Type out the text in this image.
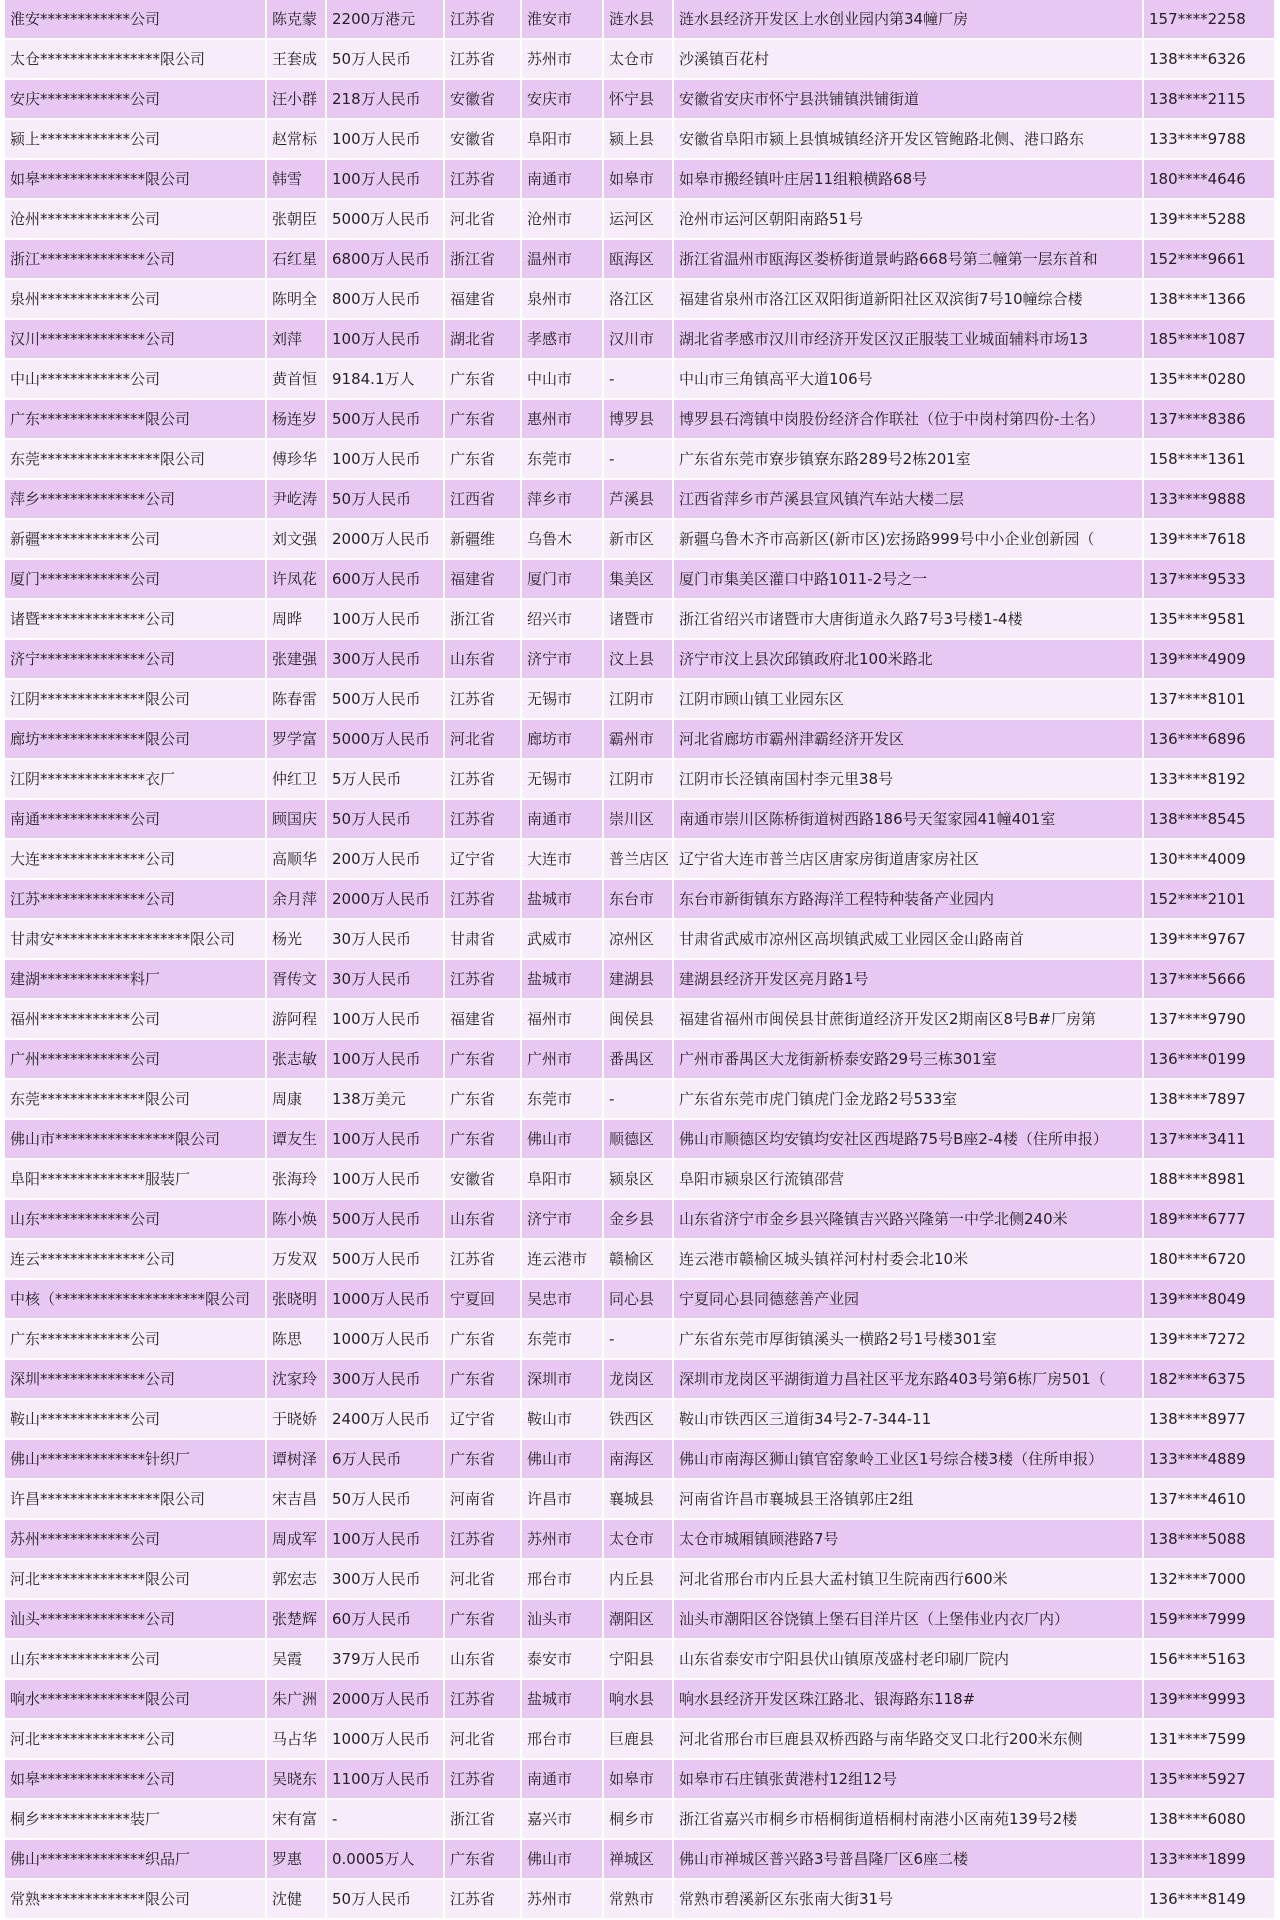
淮安************公司	陈克蒙	2200万港元	江苏省	淮安市	涟水县	涟水县经济开发区上水创业园内第34幢厂房	157****2258
太仓****************限公司	王套成	50万人民币	江苏省	苏州市	太仓市	沙溪镇百花村	138****6326
安庆************公司	汪小群	218万人民币	安徽省	安庆市	怀宁县	安徽省安庆市怀宁县洪铺镇洪铺街道	138****2115
颍上************公司	赵常标	100万人民币	安徽省	阜阳市	颍上县	安徽省阜阳市颍上县慎城镇经济开发区管鲍路北侧、港口路东	133****9788
如皋**************限公司	韩雪	100万人民币	江苏省	南通市	如皋市	如皋市搬经镇叶庄居11组粮横路68号	180****4646
沧州************公司	张朝臣	5000万人民币	河北省	沧州市	运河区	沧州市运河区朝阳南路51号	139****5288
浙江**************公司	石红星	6800万人民币	浙江省	温州市	瓯海区	浙江省温州市瓯海区娄桥街道景屿路668号第二幢第一层东首和	152****9661
泉州************公司	陈明全	800万人民币	福建省	泉州市	洛江区	福建省泉州市洛江区双阳街道新阳社区双滨街7号10幢综合楼	138****1366
汉川**************公司	刘萍	100万人民币	湖北省	孝感市	汉川市	湖北省孝感市汉川市经济开发区汉正服装工业城面辅料市场13	185****1087
中山************公司	黄首恒	9184.1万人	广东省	中山市	-	中山市三角镇高平大道106号	135****0280
广东**************限公司	杨连岁	500万人民币	广东省	惠州市	博罗县	博罗县石湾镇中岗股份经济合作联社（位于中岗村第四份-土名）	137****8386
东莞****************限公司	傅珍华	100万人民币	广东省	东莞市	-	广东省东莞市寮步镇寮东路289号2栋201室	158****1361
萍乡**************公司	尹屹涛	50万人民币	江西省	萍乡市	芦溪县	江西省萍乡市芦溪县宣风镇汽车站大楼二层	133****9888
新疆************公司	刘文强	2000万人民币	新疆维	乌鲁木	新市区	新疆乌鲁木齐市高新区(新市区)宏扬路999号中小企业创新园（	139****7618
厦门************公司	许凤花	600万人民币	福建省	厦门市	集美区	厦门市集美区灌口中路1011-2号之一	137****9533
诸暨**************公司	周晔	100万人民币	浙江省	绍兴市	诸暨市	浙江省绍兴市诸暨市大唐街道永久路7号3号楼1-4楼	135****9581
济宁**************公司	张建强	300万人民币	山东省	济宁市	汶上县	济宁市汶上县次邱镇政府北100米路北	139****4909
江阴**************限公司	陈春雷	500万人民币	江苏省	无锡市	江阴市	江阴市顾山镇工业园东区	137****8101
廊坊**************限公司	罗学富	5000万人民币	河北省	廊坊市	霸州市	河北省廊坊市霸州津霸经济开发区	136****6896
江阴**************衣厂	仲红卫	5万人民币	江苏省	无锡市	江阴市	江阴市长泾镇南国村李元里38号	133****8192
南通************公司	顾国庆	50万人民币	江苏省	南通市	崇川区	南通市崇川区陈桥街道树西路186号天玺家园41幢401室	138****8545
大连**************公司	高顺华	200万人民币	辽宁省	大连市	普兰店区	辽宁省大连市普兰店区唐家房街道唐家房社区	130****4009
江苏**************公司	余月萍	2000万人民币	江苏省	盐城市	东台市	东台市新街镇东方路海洋工程特种装备产业园内	152****2101
甘肃安******************限公司	杨光	30万人民币	甘肃省	武威市	凉州区	甘肃省武威市凉州区高坝镇武威工业园区金山路南首	139****9767
建湖************料厂	胥传文	30万人民币	江苏省	盐城市	建湖县	建湖县经济开发区亮月路1号	137****5666
福州************公司	游阿程	100万人民币	福建省	福州市	闽侯县	福建省福州市闽侯县甘蔗街道经济开发区2期南区8号B#厂房第	137****9790
广州************公司	张志敏	100万人民币	广东省	广州市	番禺区	广州市番禺区大龙街新桥泰安路29号三栋301室	136****0199
东莞**************限公司	周康	138万美元	广东省	东莞市	-	广东省东莞市虎门镇虎门金龙路2号533室	138****7897
佛山市****************限公司	谭友生	100万人民币	广东省	佛山市	顺德区	佛山市顺德区均安镇均安社区西堤路75号B座2-4楼（住所申报）	137****3411
阜阳**************服装厂	张海玲	100万人民币	安徽省	阜阳市	颍泉区	阜阳市颍泉区行流镇邵营	188****8981
山东************公司	陈小焕	500万人民币	山东省	济宁市	金乡县	山东省济宁市金乡县兴隆镇吉兴路兴隆第一中学北侧240米	189****6777
连云**************公司	万发双	500万人民币	江苏省	连云港市	赣榆区	连云港市赣榆区城头镇祥河村村委会北10米	180****6720
中核（********************限公司	张晓明	1000万人民币	宁夏回	吴忠市	同心县	宁夏同心县同德慈善产业园	139****8049
广东************公司	陈思	1000万人民币	广东省	东莞市	-	广东省东莞市厚街镇溪头一横路2号1号楼301室	139****7272
深圳**************公司	沈家玲	300万人民币	广东省	深圳市	龙岗区	深圳市龙岗区平湖街道力昌社区平龙东路403号第6栋厂房501（	182****6375
鞍山************公司	于晓娇	2400万人民币	辽宁省	鞍山市	铁西区	鞍山市铁西区三道街34号2-7-344-11	138****8977
佛山**************针织厂	谭树泽	6万人民币	广东省	佛山市	南海区	佛山市南海区狮山镇官窑象岭工业区1号综合楼3楼（住所申报）	133****4889
许昌****************限公司	宋吉昌	50万人民币	河南省	许昌市	襄城县	河南省许昌市襄城县王洛镇郭庄2组	137****4610
苏州************公司	周成军	100万人民币	江苏省	苏州市	太仓市	太仓市城厢镇顾港路7号	138****5088
河北**************限公司	郭宏志	300万人民币	河北省	邢台市	内丘县	河北省邢台市内丘县大孟村镇卫生院南西行600米	132****7000
汕头**************公司	张楚辉	60万人民币	广东省	汕头市	潮阳区	汕头市潮阳区谷饶镇上堡石目洋片区（上堡伟业内衣厂内）	159****7999
山东************公司	吴霞	379万人民币	山东省	泰安市	宁阳县	山东省泰安市宁阳县伏山镇原茂盛村老印刷厂院内	156****5163
响水**************限公司	朱广洲	2000万人民币	江苏省	盐城市	响水县	响水县经济开发区珠江路北、银海路东118#	139****9993
河北**************公司	马占华	1000万人民币	河北省	邢台市	巨鹿县	河北省邢台市巨鹿县双桥西路与南华路交叉口北行200米东侧	131****7599
如皋**************公司	吴晓东	1100万人民币	江苏省	南通市	如皋市	如皋市石庄镇张黄港村12组12号	135****5927
桐乡************装厂	宋有富	-	浙江省	嘉兴市	桐乡市	浙江省嘉兴市桐乡市梧桐街道梧桐村南港小区南苑139号2楼	138****6080
佛山**************织品厂	罗惠	0.0005万人	广东省	佛山市	禅城区	佛山市禅城区普兴路3号普昌隆厂区6座二楼	133****1899
常熟**************限公司	沈健	50万人民币	江苏省	苏州市	常熟市	常熟市碧溪新区东张南大街31号	136****8149
